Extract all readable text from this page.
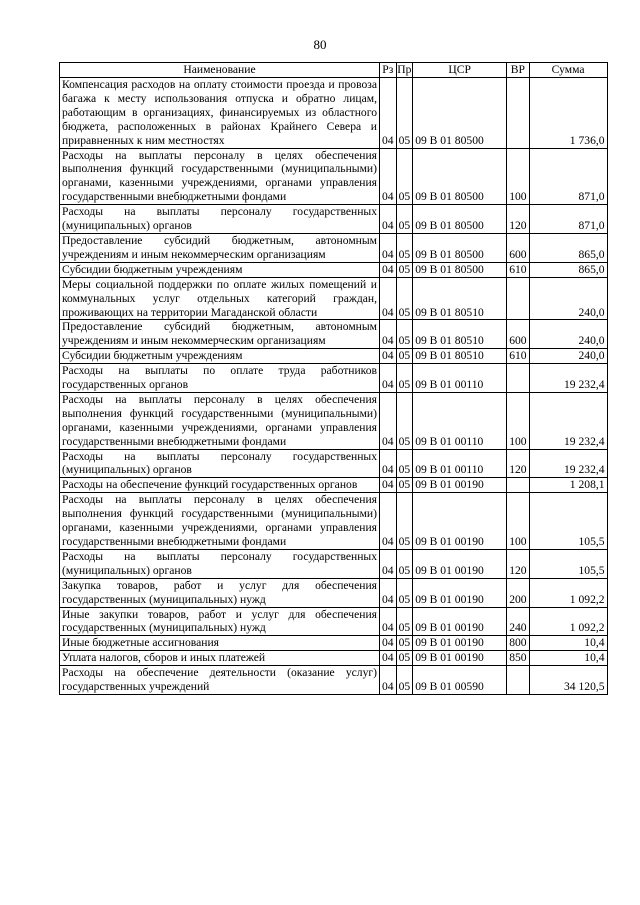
80
Наименование	Рз	Пр	ЦСР	ВР	Сумма
Компенсация расходов на оплату стоимости проезда и провоза багажа к месту использования отпуска и обратно лицам, работающим в организациях, финансируемых из областного бюджета, расположенных в районах Крайнего Севера и приравненных к ним местностях	04	05	09 В 01 80500		1 736,0
Расходы на выплаты персоналу в целях обеспечения выполнения функций государственными (муниципальными) органами, казенными учреждениями, органами управления государственными внебюджетными фондами	04	05	09 В 01 80500	100	871,0
Расходы на выплаты персоналу государственных (муниципальных) органов	04	05	09 В 01 80500	120	871,0
Предоставление субсидий бюджетным, автономным учреждениям и иным некоммерческим организациям	04	05	09 В 01 80500	600	865,0
Субсидии бюджетным учреждениям	04	05	09 В 01 80500	610	865,0
Меры социальной поддержки по оплате жилых помещений и коммунальных услуг отдельных категорий граждан, проживающих на территории Магаданской области	04	05	09 В 01 80510		240,0
Предоставление субсидий бюджетным, автономным учреждениям и иным некоммерческим организациям	04	05	09 В 01 80510	600	240,0
Субсидии бюджетным учреждениям	04	05	09 В 01 80510	610	240,0
Расходы на выплаты по оплате труда работников государственных органов	04	05	09 В 01 00110		19 232,4
Расходы на выплаты персоналу в целях обеспечения выполнения функций государственными (муниципальными) органами, казенными учреждениями, органами управления государственными внебюджетными фондами	04	05	09 В 01 00110	100	19 232,4
Расходы на выплаты персоналу государственных (муниципальных) органов	04	05	09 В 01 00110	120	19 232,4
Расходы на обеспечение функций государственных органов	04	05	09 В 01 00190		1 208,1
Расходы на выплаты персоналу в целях обеспечения выполнения функций государственными (муниципальными) органами, казенными учреждениями, органами управления государственными внебюджетными фондами	04	05	09 В 01 00190	100	105,5
Расходы на выплаты персоналу государственных (муниципальных) органов	04	05	09 В 01 00190	120	105,5
Закупка товаров, работ и услуг для обеспечения государственных (муниципальных) нужд	04	05	09 В 01 00190	200	1 092,2
Иные закупки товаров, работ и услуг для обеспечения государственных (муниципальных) нужд	04	05	09 В 01 00190	240	1 092,2
Иные бюджетные ассигнования	04	05	09 В 01 00190	800	10,4
Уплата налогов, сборов и иных платежей	04	05	09 В 01 00190	850	10,4
Расходы на обеспечение деятельности (оказание услуг) государственных учреждений	04	05	09 В 01 00590		34 120,5
